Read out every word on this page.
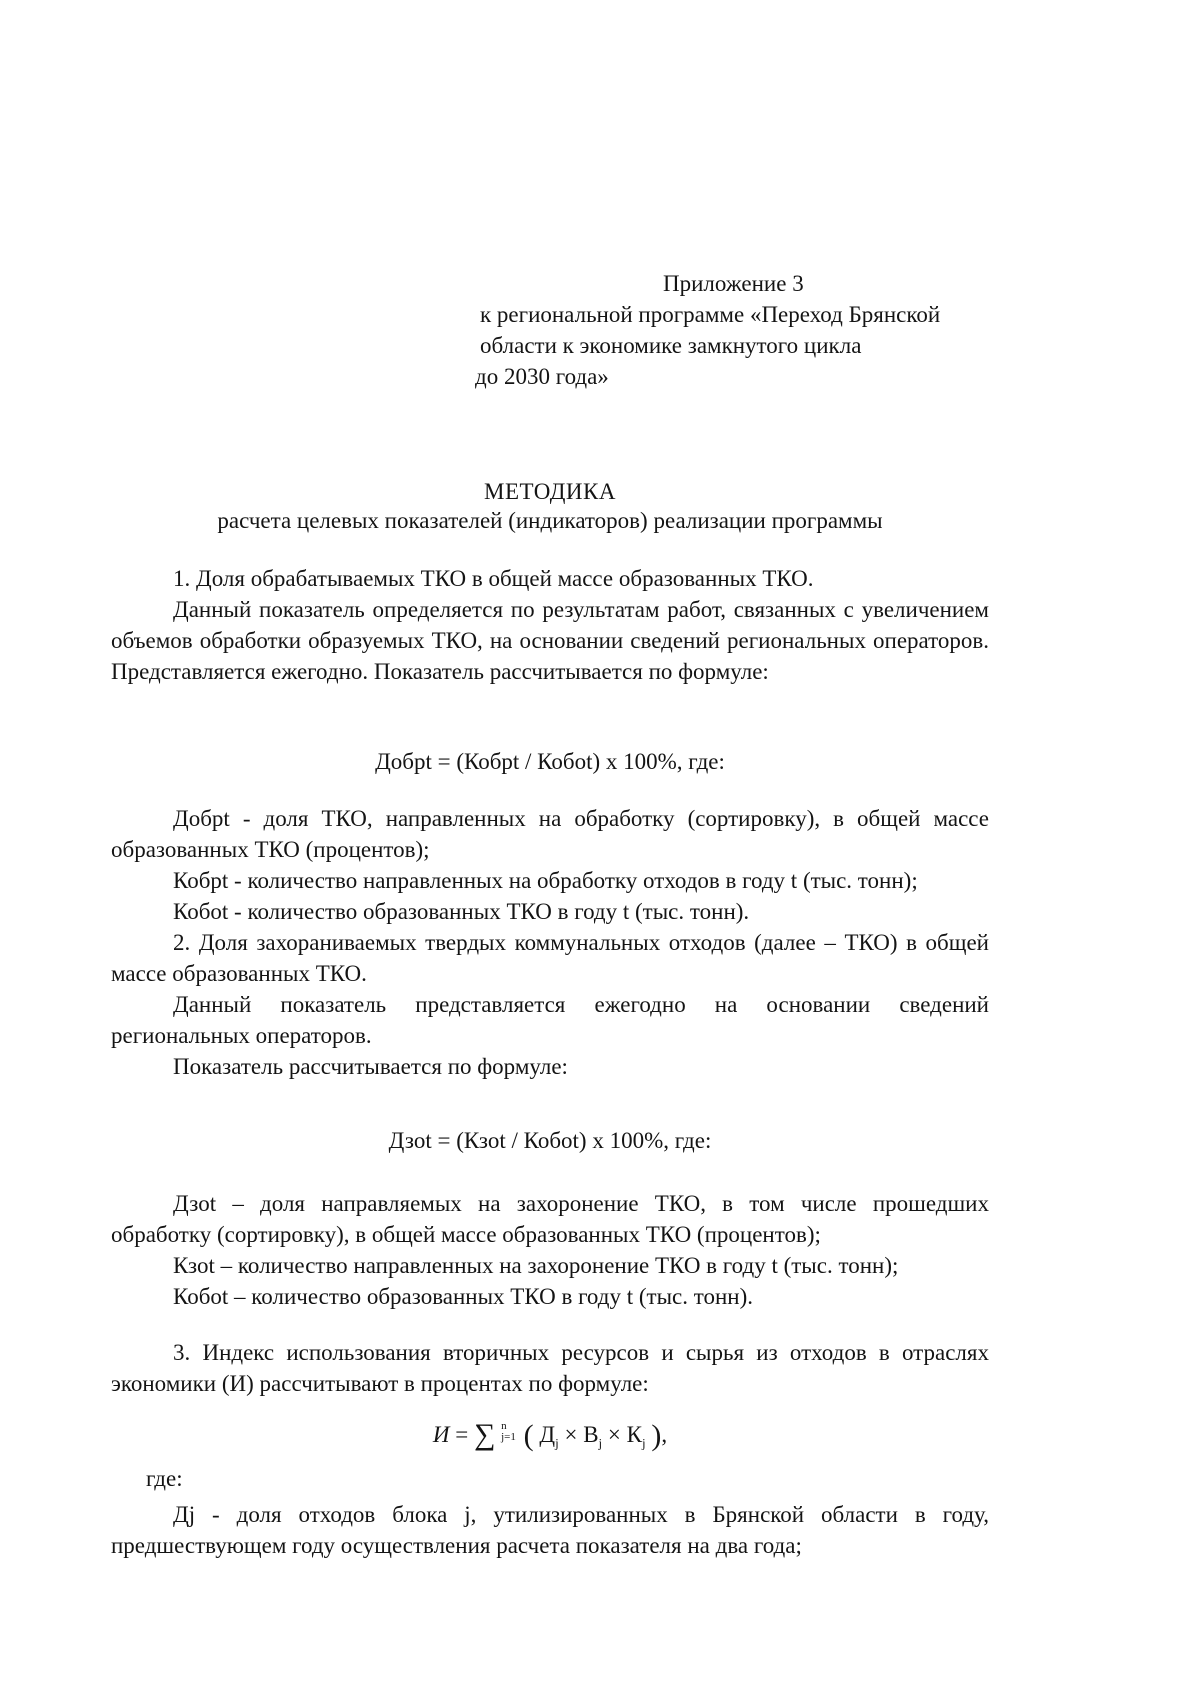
Приложение 3
к региональной программе «Переход Брянской
области к экономике замкнутого цикла
до 2030 года»
МЕТОДИКА
расчета целевых показателей (индикаторов) реализации программы

1. Доля обрабатываемых ТКО в общей массе образованных ТКО.

Данный показатель определяется по результатам работ, связанных с увеличением объемов обработки образуемых ТКО, на основании сведений региональных операторов. Представляется ежегодно. Показатель рассчитывается по формуле:

Добрt = (Кобрt / Кобоt) х 100%, где:

Добрt - доля ТКО, направленных на обработку (сортировку), в общей массе образованных ТКО (процентов);

Кобрt - количество направленных на обработку отходов в году t (тыс. тонн);

Кобоt - количество образованных ТКО в году t (тыс. тонн).

2. Доля захораниваемых твердых коммунальных отходов (далее – ТКО) в общей массе образованных ТКО.

Данный показатель представляется ежегодно на основании сведений региональных операторов.

Показатель рассчитывается по формуле:

Дзоt = (Кзоt / Кобоt) х 100%, где:

Дзоt – доля направляемых на захоронение ТКО, в том числе прошедших обработку (сортировку), в общей массе образованных ТКО (процентов);

Кзоt – количество направленных на захоронение ТКО в году t (тыс. тонн);

Кобоt – количество образованных ТКО в году t (тыс. тонн).

3. Индекс использования вторичных ресурсов и сырья из отходов в отраслях экономики (И) рассчитывают в процентах по формуле:

И = ∑ n
j=1 ( $Д_j \times В_j \times К_j$ ),
где:

Дj - доля отходов блока j, утилизированных в Брянской области в году, предшествующем году осуществления расчета показателя на два года;
